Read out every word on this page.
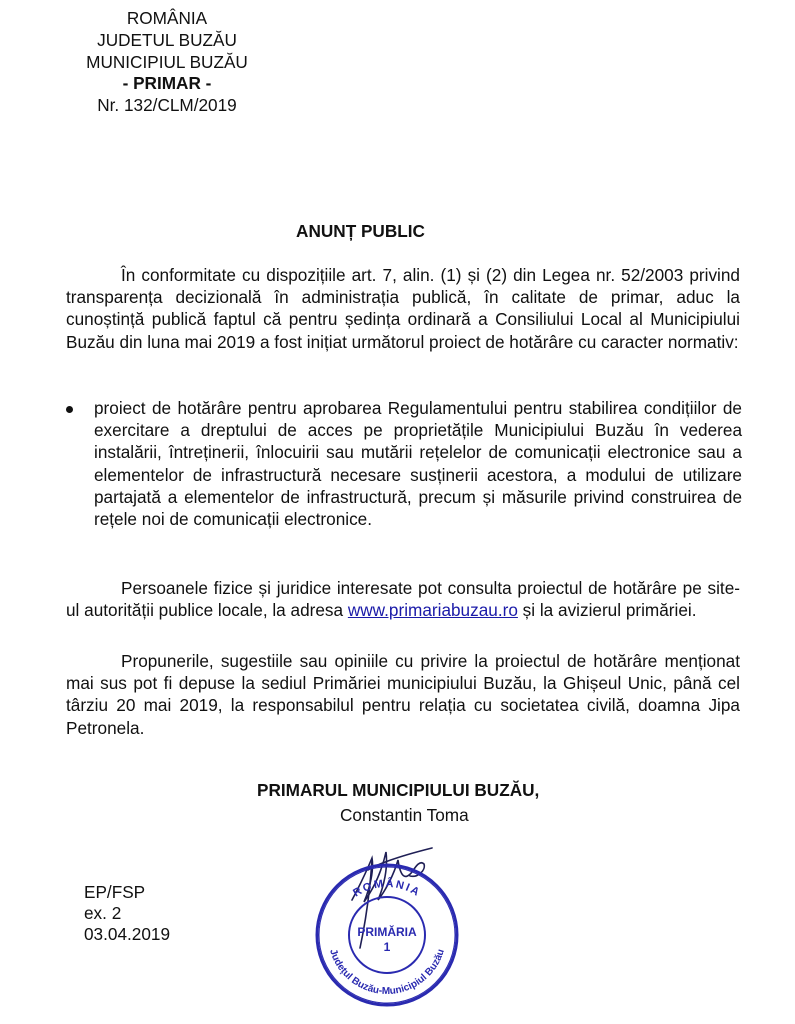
ROMÂNIA
JUDETUL BUZĂU
MUNICIPIUL BUZĂU
- PRIMAR -
Nr. 132/CLM/2019
ANUNȚ PUBLIC

În conformitate cu dispozițiile art. 7, alin. (1) și (2) din Legea nr. 52/2003 privind transparența decizională în administrația publică, în calitate de primar, aduc la cunoștință publică faptul că pentru ședința ordinară a Consiliului Local al Municipiului Buzău din luna mai 2019 a fost inițiat următorul proiect de hotărâre cu caracter normativ:

proiect de hotărâre pentru aprobarea Regulamentului pentru stabilirea condițiilor de exercitare a dreptului de acces pe proprietățile Municipiului Buzău în vederea instalării, întreținerii, înlocuirii sau mutării rețelelor de comunicații electronice sau a elementelor de infrastructură necesare susținerii acestora, a modului de utilizare partajată a elementelor de infrastructură, precum și măsurile privind construirea de rețele noi de comunicații electronice.

Persoanele fizice și juridice interesate pot consulta proiectul de hotărâre pe site-ul autorității publice locale, la adresa www.primariabuzau.ro și la avizierul primăriei.

Propunerile, sugestiile sau opiniile cu privire la proiectul de hotărâre menționat mai sus pot fi depuse la sediul Primăriei municipiului Buzău, la Ghișeul Unic, până cel târziu 20 mai 2019, la responsabilul pentru relația cu societatea civilă, doamna Jipa Petronela.

PRIMARUL MUNICIPIULUI BUZĂU,
Constantin Toma
ROMÂNIA
Județul Buzău-Municipiul Buzău
PRIMĂRIA
1
EP/FSP
ex. 2
03.04.2019
